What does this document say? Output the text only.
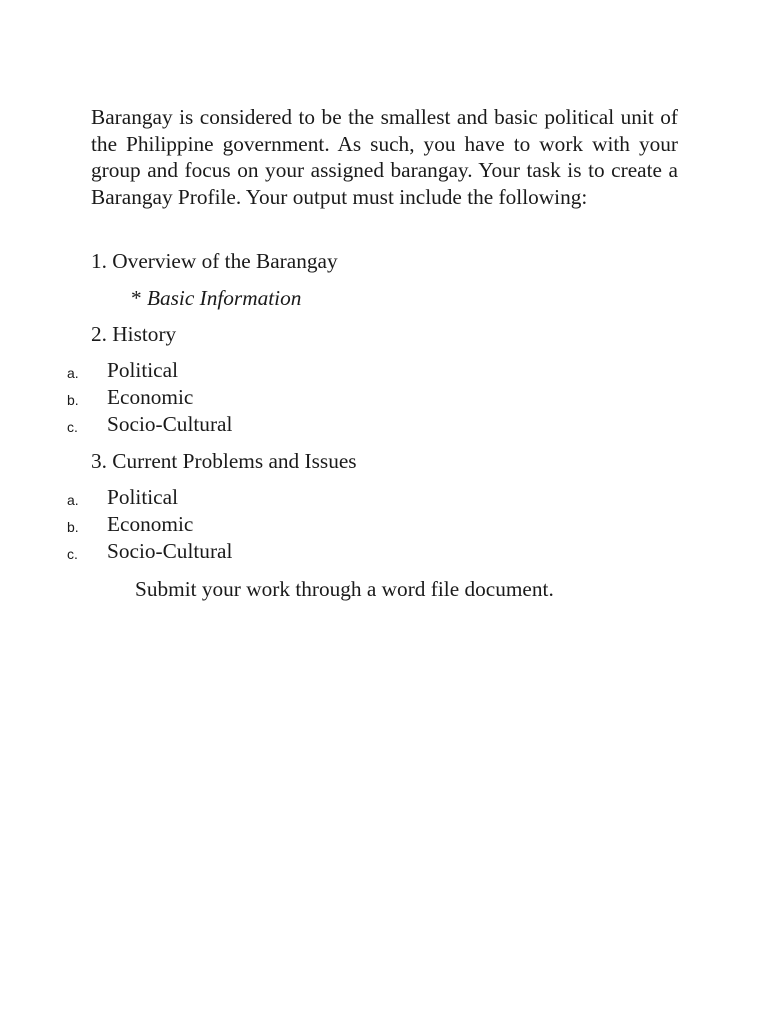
Barangay is considered to be the smallest and basic political unit of the Philippine government. As such, you have to work with your group and focus on your assigned barangay. Your task is to create a Barangay Profile. Your output must include the following:

1. Overview of the Barangay

* Basic Information

2. History

a. Political
b. Economic
c. Socio-Cultural

3. Current Problems and Issues

a. Political
b. Economic
c. Socio-Cultural

Submit your work through a word file document.
